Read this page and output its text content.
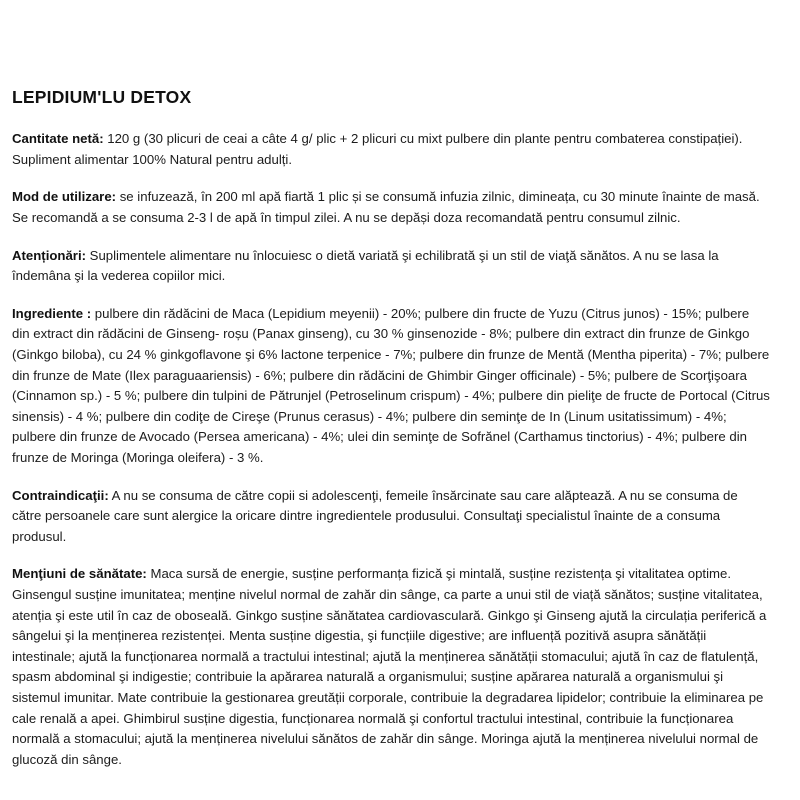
LEPIDIUM'LU DETOX

Cantitate netă: 120 g (30 plicuri de ceai a câte 4 g/ plic + 2 plicuri cu mixt pulbere din plante pentru combaterea constipației). Supliment alimentar 100% Natural pentru adulți.

Mod de utilizare: se infuzează, în 200 ml apă fiartă 1 plic și se consumă infuzia zilnic, dimineața, cu 30 minute înainte de masă. Se recomandă a se consuma 2-3 l de apă în timpul zilei. A nu se depăși doza recomandată pentru consumul zilnic.

Atenționări: Suplimentele alimentare nu înlocuiesc o dietă variată şi echilibrată şi un stil de viaţă sănătos. A nu se lasa la îndemâna şi la vederea copiilor mici.

Ingrediente : pulbere din rădăcini de Maca (Lepidium meyenii) - 20%; pulbere din fructe de Yuzu (Citrus junos) - 15%; pulbere din extract din rădăcini de Ginseng- roșu (Panax ginseng), cu 30 % ginsenozide - 8%; pulbere din extract din frunze de Ginkgo (Ginkgo biloba), cu 24 % ginkgoflavone şi 6% lactone terpenice - 7%; pulbere din frunze de Mentă (Mentha piperita) - 7%; pulbere din frunze de Mate (Ilex paraguaariensis) - 6%; pulbere din rădăcini de Ghimbir Ginger officinale) - 5%; pulbere de Scorţişoara (Cinnamon sp.) - 5 %; pulbere din tulpini de Pătrunjel (Petroselinum crispum) - 4%; pulbere din pieliţe de fructe de Portocal (Citrus sinensis) - 4 %; pulbere din codiţe de Cireşe (Prunus cerasus) - 4%; pulbere din seminţe de In (Linum usitatissimum) - 4%; pulbere din frunze de Avocado (Persea americana) - 4%; ulei din seminţe de Sofrănel (Carthamus tinctorius) - 4%; pulbere din frunze de Moringa (Moringa oleifera) - 3 %.

Contraindicaţii: A nu se consuma de către copii si adolescenţi, femeile însărcinate sau care alăptează. A nu se consuma de către persoanele care sunt alergice la oricare dintre ingredientele produsului. Consultaţi specialistul înainte de a consuma produsul.

Menţiuni de sănătate: Maca sursă de energie, susține performanța fizică şi mintală, susține rezistența şi vitalitatea optime. Ginsengul susține imunitatea; menține nivelul normal de zahăr din sânge, ca parte a unui stil de viață sănătos; susține vitalitatea, atenția şi este util în caz de oboseală. Ginkgo susține sănătatea cardiovasculară. Ginkgo şi Ginseng ajută la circulația periferică a sângelui şi la menținerea rezistenței. Menta susține digestia, şi funcțiile digestive; are influență pozitivă asupra sănătății intestinale; ajută la funcționarea normală a tractului intestinal; ajută la menținerea sănătății stomacului; ajută în caz de flatulență, spasm abdominal şi indigestie; contribuie la apărarea naturală a organismului; susține apărarea naturală a organismului şi sistemul imunitar. Mate contribuie la gestionarea greutății corporale, contribuie la degradarea lipidelor; contribuie la eliminarea pe cale renală a apei. Ghimbirul susține digestia, funcționarea normală şi confortul tractului intestinal, contribuie la funcționarea normală a stomacului; ajută la menținerea nivelului sănătos de zahăr din sânge. Moringa ajută la menținerea nivelului normal de glucoză din sânge.
